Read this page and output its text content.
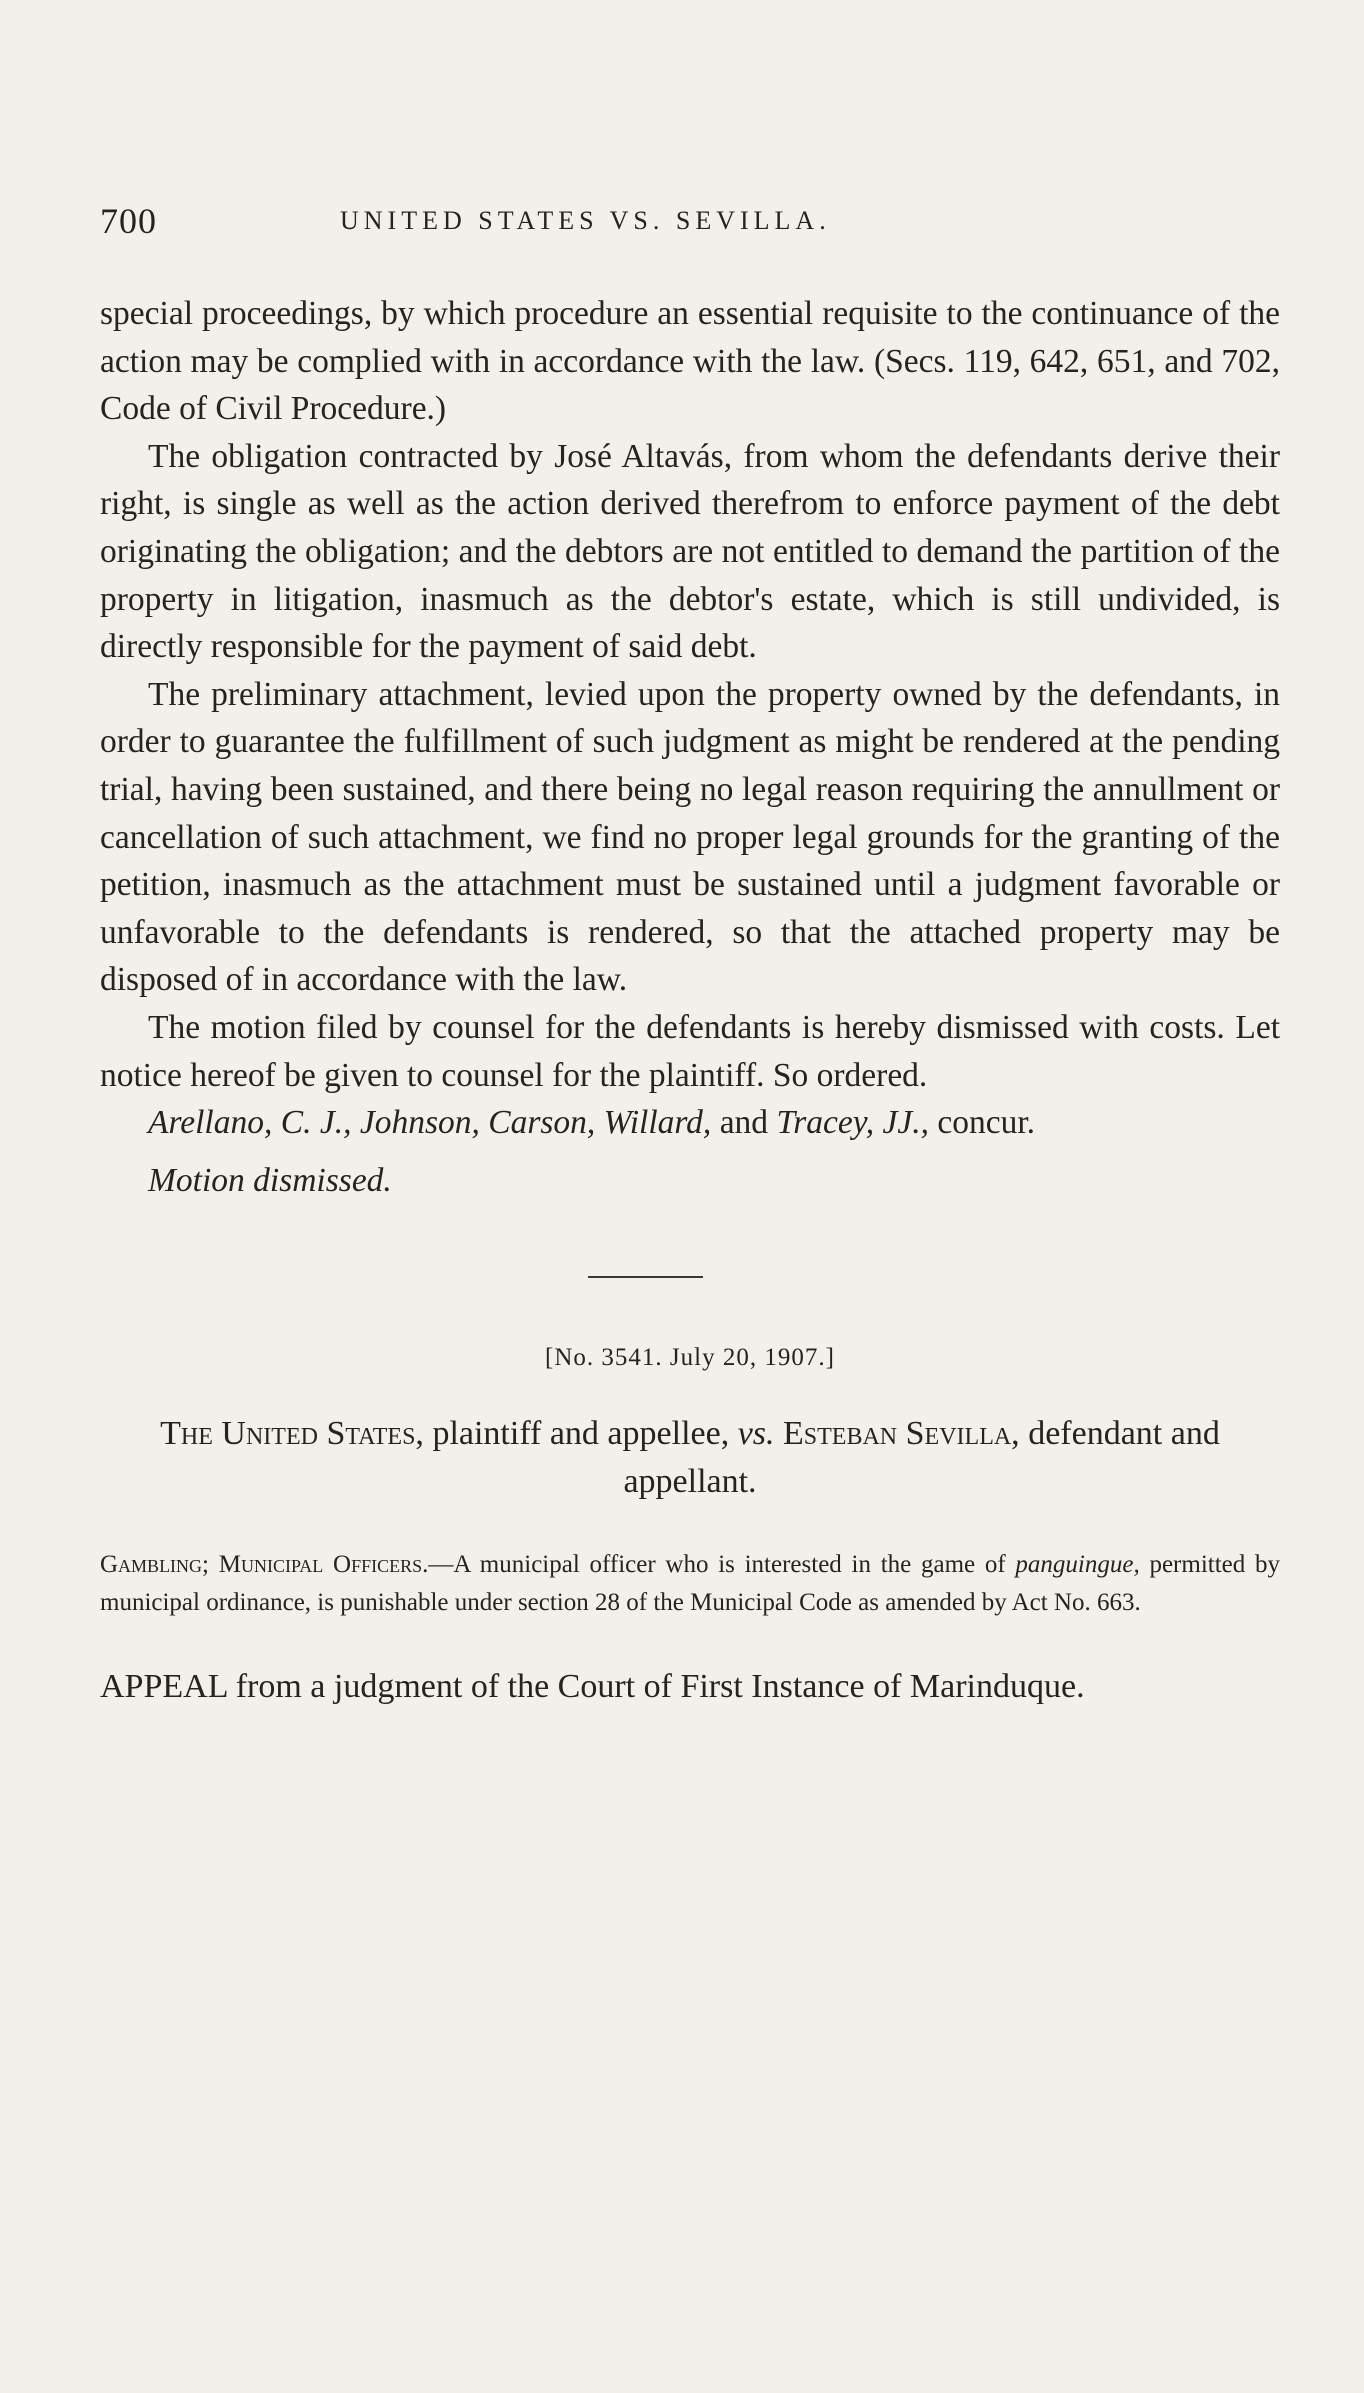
700	UNITED STATES VS. SEVILLA.

special proceedings, by which procedure an essential requisite to the continuance of the action may be complied with in accordance with the law. (Secs. 119, 642, 651, and 702, Code of Civil Procedure.)

The obligation contracted by José Altavás, from whom the defendants derive their right, is single as well as the action derived therefrom to enforce payment of the debt originating the obligation; and the debtors are not entitled to demand the partition of the property in litigation, inasmuch as the debtor's estate, which is still undivided, is directly responsible for the payment of said debt.

The preliminary attachment, levied upon the property owned by the defendants, in order to guarantee the fulfillment of such judgment as might be rendered at the pending trial, having been sustained, and there being no legal reason requiring the annullment or cancellation of such attachment, we find no proper legal grounds for the granting of the petition, inasmuch as the attachment must be sustained until a judgment favorable or unfavorable to the defendants is rendered, so that the attached property may be disposed of in accordance with the law.

The motion filed by counsel for the defendants is hereby dismissed with costs. Let notice hereof be given to counsel for the plaintiff. So ordered.

Arellano, C. J., Johnson, Carson, Willard, and Tracey, JJ., concur.

Motion dismissed.

[No. 3541. July 20, 1907.]

The United States, plaintiff and appellee, vs. Esteban Sevilla, defendant and appellant.

Gambling; Municipal Officers.—A municipal officer who is interested in the game of panguingue, permitted by municipal ordinance, is punishable under section 28 of the Municipal Code as amended by Act No. 663.

APPEAL from a judgment of the Court of First Instance of Marinduque.
